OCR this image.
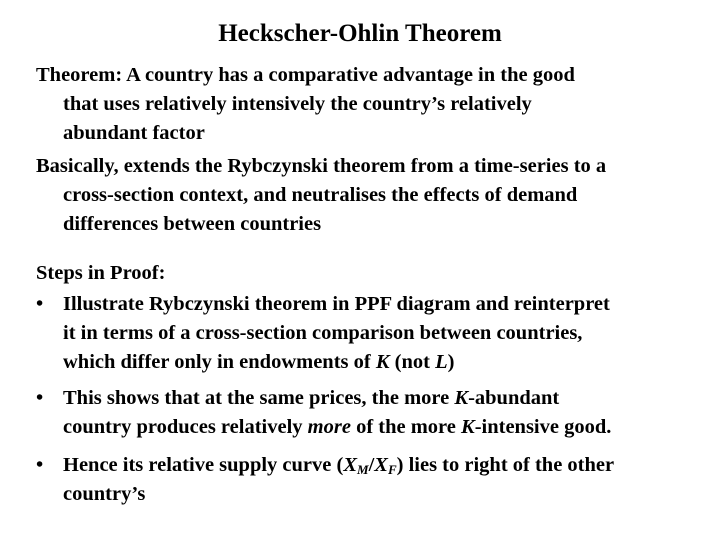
Heckscher-Ohlin Theorem
Theorem: A country has a comparative advantage in the good
that uses relatively intensively the country’s relatively
abundant factor
Basically, extends the Rybczynski theorem from a time-series to a
cross-section context, and neutralises the effects of demand
differences between countries
Steps in Proof:
• Illustrate Rybczynski theorem in PPF diagram and reinterpret
it in terms of a cross-section comparison between countries,
which differ only in endowments of K (not L)
• This shows that at the same prices, the more K-abundant
country produces relatively more of the more K-intensive good.
• Hence its relative supply curve $(X_M/X_F)$ lies to right of the other
country’s
